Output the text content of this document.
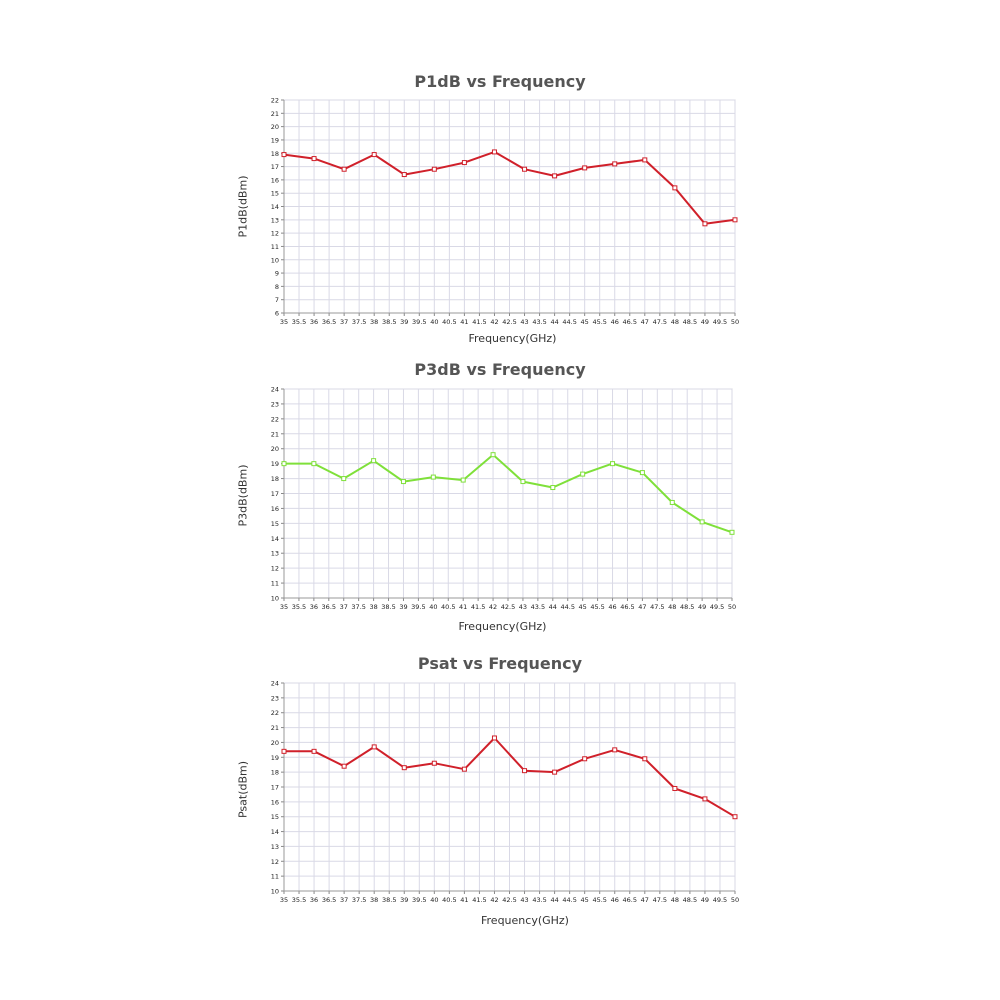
P1dB vs Frequency
P1dB(dBm)
35 35.5 36 36.5 37 37.5 38 38.5 39 39.5 40 40.5 41 41.5 42 42.5 43 43.5 44 44.5 45 45.5 46 46.5 47 47.5 48 48.5 49 49.5 50
6
7
8
9
10
11
12
13
14
15
16
17
18
19
20
21
22
Frequency(GHz)
P3dB vs Frequency
P3dB(dBm)
35 35.5 36 36.5 37 37.5 38 38.5 39 39.5 40 40.5 41 41.5 42 42.5 43 43.5 44 44.5 45 45.5 46 46.5 47 47.5 48 48.5 49 49.5 50
10
11
12
13
14
15
16
17
18
19
20
21
22
23
24
Frequency(GHz)
Psat vs Frequency
Psat(dBm)
35 35.5 36 36.5 37 37.5 38 38.5 39 39.5 40 40.5 41 41.5 42 42.5 43 43.5 44 44.5 45 45.5 46 46.5 47 47.5 48 48.5 49 49.5 50
10
11
12
13
14
15
16
17
18
19
20
21
22
23
24
Frequency(GHz)
